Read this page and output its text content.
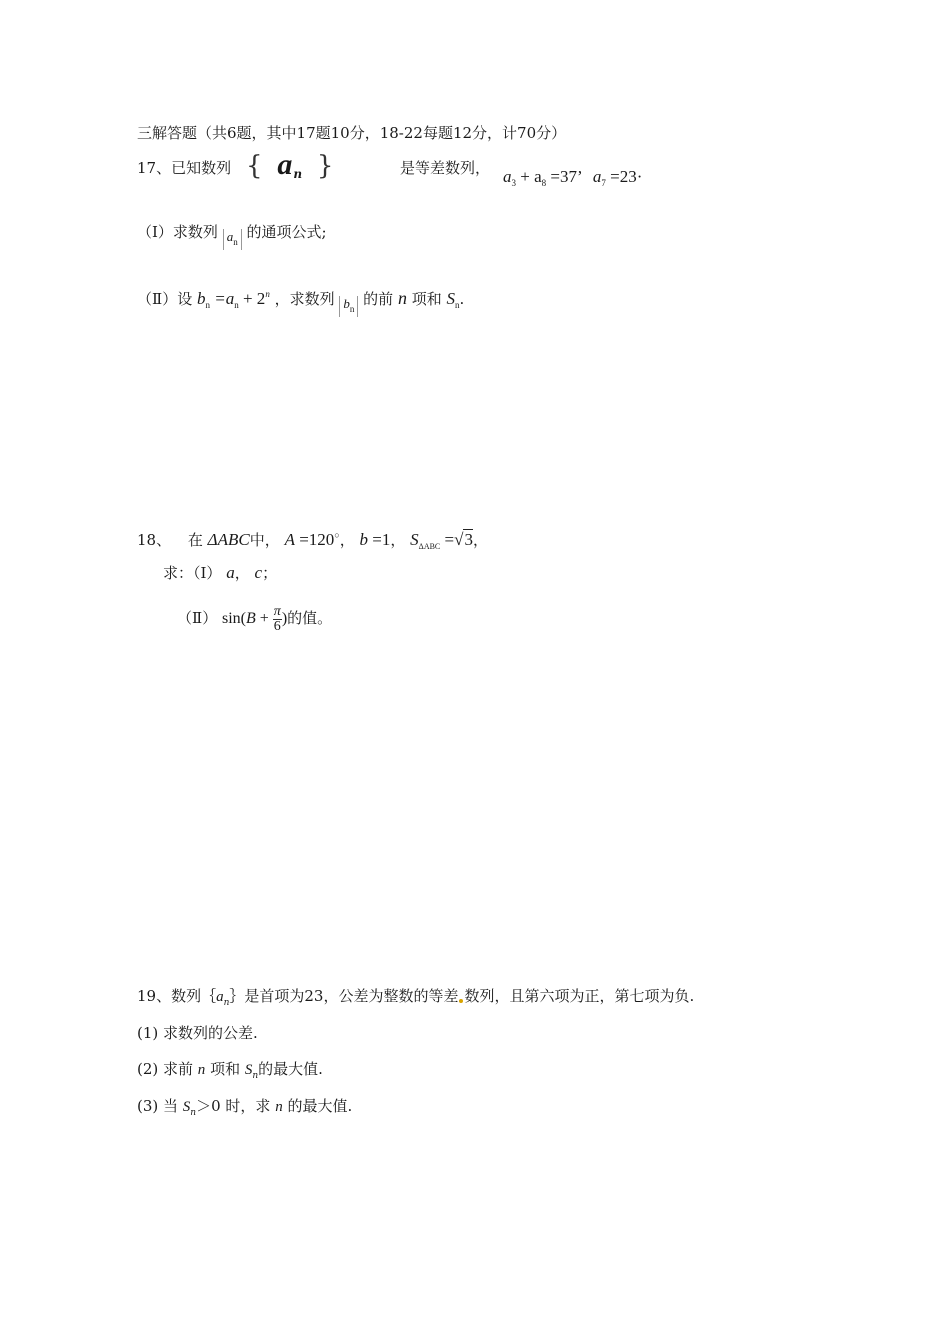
三解答题（共6题，其中17题10分，18-22每题12分，计70分）
17、已知数列 { $a_n$ }	是等差数列， $a_3 + a_8 =37$’ $a_7 =23\cdot$
（Ⅰ）求数列 $a_n$ 的通项公式;
（Ⅱ）设 $b_n =a_n + 2^n$ ，求数列 $b_n$ 的前 n 项和 $S_n$.
18、 在 ΔABC中， A =120○， b =1， $S_{\Delta ABC} =√3$，
求：（Ⅰ） a， c；
（Ⅱ） $\sin(B + \frac{\pi}{6}$ )的值。
19、数列$\{a_n\}$是首项为23，公差为整数的等差 数列，且第六项为正，第七项为负.
(1) 求数列的公差.
(2) 求前 n 项和 $S_n$的最大值.
(3) 当 $S_n>0$ 时，求 n 的最大值.
